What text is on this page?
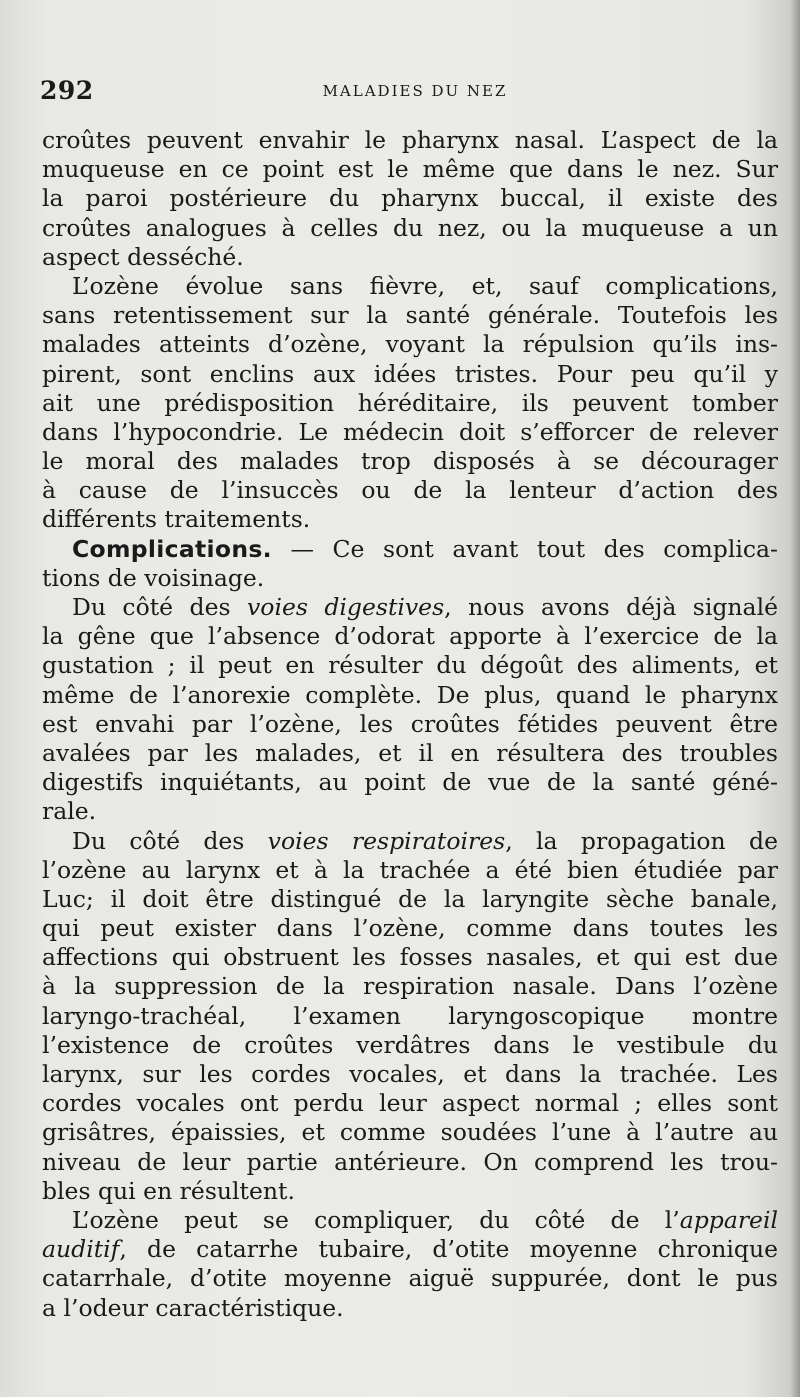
292	MALADIES DU NEZ
croûtes peuvent envahir le pharynx nasal. L’aspect de la
muqueuse en ce point est le même que dans le nez. Sur
la paroi postérieure du pharynx buccal, il existe des
croûtes analogues à celles du nez, ou la muqueuse a un
aspect desséché.
L’ozène évolue sans fièvre, et, sauf complications,
sans retentissement sur la santé générale. Toutefois les
malades atteints d’ozène, voyant la répulsion qu’ils ins-
pirent, sont enclins aux idées tristes. Pour peu qu’il y
ait une prédisposition héréditaire, ils peuvent tomber
dans l’hypocondrie. Le médecin doit s’efforcer de relever
le moral des malades trop disposés à se décourager
à cause de l’insuccès ou de la lenteur d’action des
différents traitements.
Complications. — Ce sont avant tout des complica-
tions de voisinage.
Du côté des voies digestives, nous avons déjà signalé
la gêne que l’absence d’odorat apporte à l’exercice de la
gustation ; il peut en résulter du dégoût des aliments, et
même de l’anorexie complète. De plus, quand le pharynx
est envahi par l’ozène, les croûtes fétides peuvent être
avalées par les malades, et il en résultera des troubles
digestifs inquiétants, au point de vue de la santé géné-
rale.
Du côté des voies respiratoires, la propagation de
l’ozène au larynx et à la trachée a été bien étudiée par
Luc; il doit être distingué de la laryngite sèche banale,
qui peut exister dans l’ozène, comme dans toutes les
affections qui obstruent les fosses nasales, et qui est due
à la suppression de la respiration nasale. Dans l’ozène
laryngo-trachéal, l’examen laryngoscopique montre
l’existence de croûtes verdâtres dans le vestibule du
larynx, sur les cordes vocales, et dans la trachée. Les
cordes vocales ont perdu leur aspect normal ; elles sont
grisâtres, épaissies, et comme soudées l’une à l’autre au
niveau de leur partie antérieure. On comprend les trou-
bles qui en résultent.
L’ozène peut se compliquer, du côté de l’appareil
auditif, de catarrhe tubaire, d’otite moyenne chronique
catarrhale, d’otite moyenne aiguë suppurée, dont le pus
a l’odeur caractéristique.
